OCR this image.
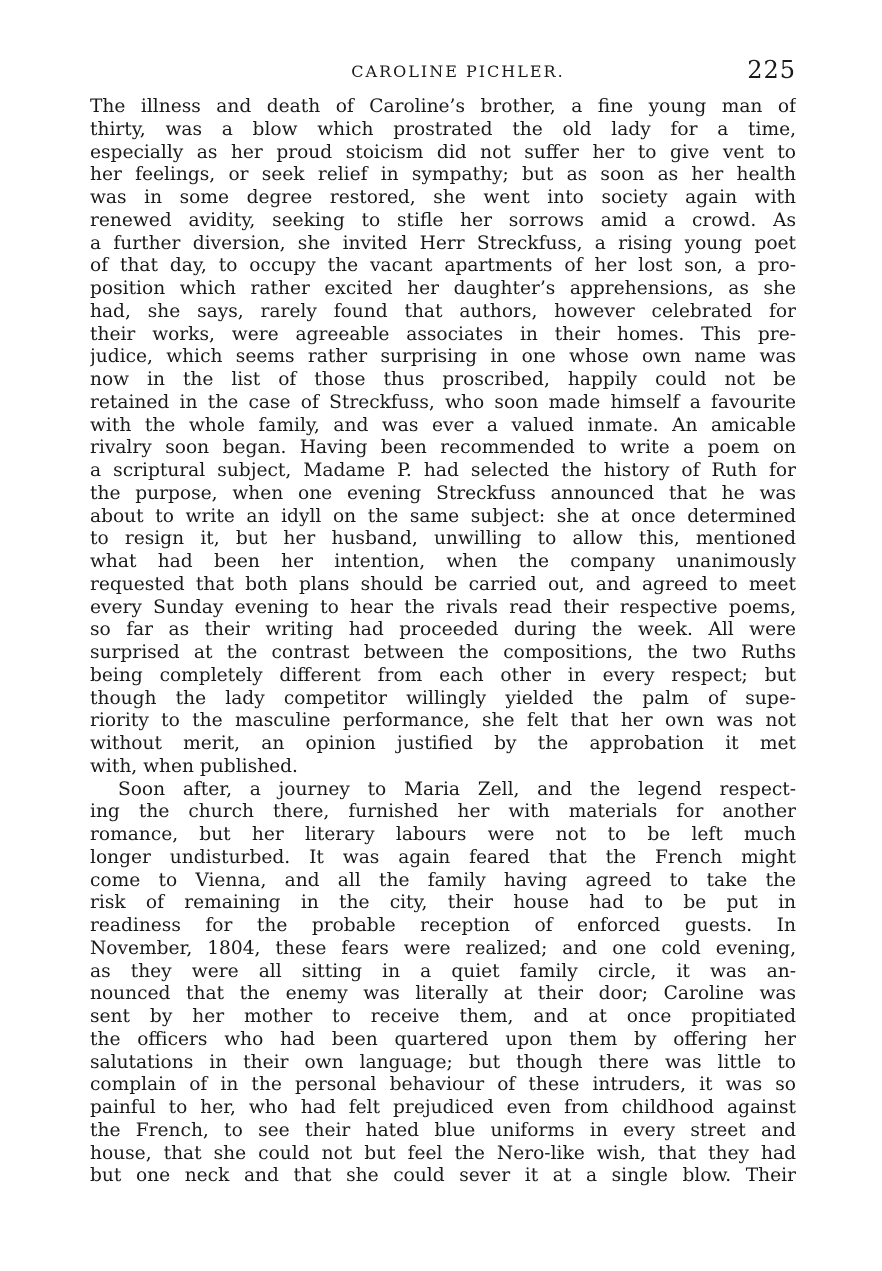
CAROLINE PICHLER.	225
The illness and death of Caroline’s brother, a fine young man of
thirty, was a blow which prostrated the old lady for a time,
especially as her proud stoicism did not suffer her to give vent to
her feelings, or seek relief in sympathy; but as soon as her health
was in some degree restored, she went into society again with
renewed avidity, seeking to stifle her sorrows amid a crowd. As
a further diversion, she invited Herr Streckfuss, a rising young poet
of that day, to occupy the vacant apartments of her lost son, a pro-
position which rather excited her daughter’s apprehensions, as she
had, she says, rarely found that authors, however celebrated for
their works, were agreeable associates in their homes. This pre-
judice, which seems rather surprising in one whose own name was
now in the list of those thus proscribed, happily could not be
retained in the case of Streckfuss, who soon made himself a favourite
with the whole family, and was ever a valued inmate. An amicable
rivalry soon began. Having been recommended to write a poem on
a scriptural subject, Madame P. had selected the history of Ruth for
the purpose, when one evening Streckfuss announced that he was
about to write an idyll on the same subject: she at once determined
to resign it, but her husband, unwilling to allow this, mentioned
what had been her intention, when the company unanimously
requested that both plans should be carried out, and agreed to meet
every Sunday evening to hear the rivals read their respective poems,
so far as their writing had proceeded during the week. All were
surprised at the contrast between the compositions, the two Ruths
being completely different from each other in every respect; but
though the lady competitor willingly yielded the palm of supe-
riority to the masculine performance, she felt that her own was not
without merit, an opinion justified by the approbation it met
with, when published.
Soon after, a journey to Maria Zell, and the legend respect-
ing the church there, furnished her with materials for another
romance, but her literary labours were not to be left much
longer undisturbed. It was again feared that the French might
come to Vienna, and all the family having agreed to take the
risk of remaining in the city, their house had to be put in
readiness for the probable reception of enforced guests. In
November, 1804, these fears were realized; and one cold evening,
as they were all sitting in a quiet family circle, it was an-
nounced that the enemy was literally at their door; Caroline was
sent by her mother to receive them, and at once propitiated
the officers who had been quartered upon them by offering her
salutations in their own language; but though there was little to
complain of in the personal behaviour of these intruders, it was so
painful to her, who had felt prejudiced even from childhood against
the French, to see their hated blue uniforms in every street and
house, that she could not but feel the Nero-like wish, that they had
but one neck and that she could sever it at a single blow. Their
